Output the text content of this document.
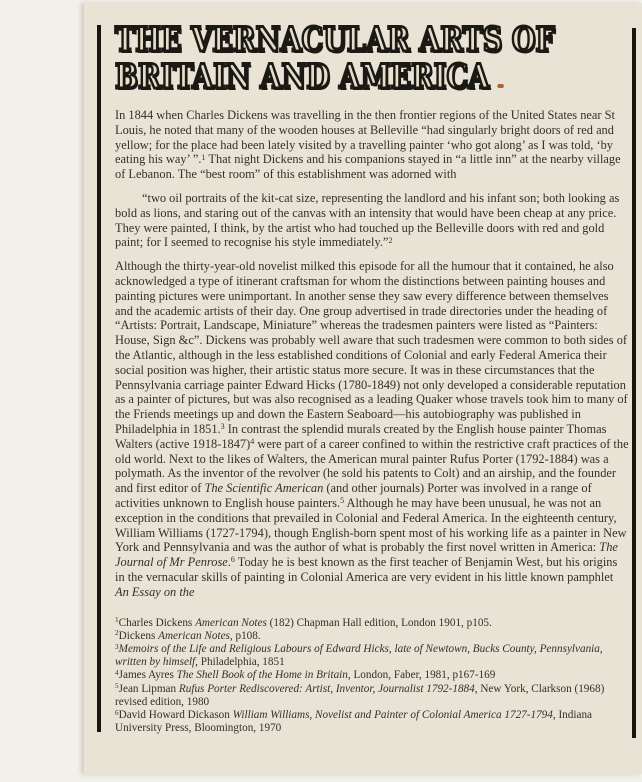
THE VERNACULAR ARTS OF
BRITAIN AND AMERICA

In 1844 when Charles Dickens was travelling in the then frontier regions of the United States near St Louis, he noted that many of the wooden houses at Belleville “had singularly bright doors of red and yellow; for the place had been lately visited by a travelling painter ‘who got along’ as I was told, ‘by eating his way’ ”.$^1$ That night Dickens and his companions stayed in “a little inn” at the nearby village of Lebanon. The “best room” of this establishment was adorned with

“two oil portraits of the kit-cat size, representing the landlord and his infant son; both looking as bold as lions, and staring out of the canvas with an intensity that would have been cheap at any price. They were painted, I think, by the artist who had touched up the Belleville doors with red and gold paint; for I seemed to recognise his style immediately.”$^2$

Although the thirty-year-old novelist milked this episode for all the humour that it contained, he also acknowledged a type of itinerant craftsman for whom the distinctions between painting houses and painting pictures were unimportant. In another sense they saw every difference between themselves and the academic artists of their day. One group advertised in trade directories under the heading of “Artists: Portrait, Landscape, Miniature” whereas the tradesmen painters were listed as “Painters: House, Sign &c”. Dickens was probably well aware that such tradesmen were common to both sides of the Atlantic, although in the less established conditions of Colonial and early Federal America their social position was higher, their artistic status more secure. It was in these circumstances that the Pennsylvania carriage painter Edward Hicks (1780-1849) not only developed a considerable reputation as a painter of pictures, but was also recognised as a leading Quaker whose travels took him to many of the Friends meetings up and down the Eastern Seaboard—his autobiography was published in Philadelphia in 1851.$^3$ In contrast the splendid murals created by the English house painter Thomas Walters (active 1918-1847)$^4$ were part of a career confined to within the restrictive craft practices of the old world. Next to the likes of Walters, the American mural painter Rufus Porter (1792-1884) was a polymath. As the inventor of the revolver (he sold his patents to Colt) and an airship, and the founder and first editor of The Scientific American (and other journals) Porter was involved in a range of activities unknown to English house painters.$^5$ Although he may have been unusual, he was not an exception in the conditions that prevailed in Colonial and Federal America. In the eighteenth century, William Williams (1727-1794), though English-born spent most of his working life as a painter in New York and Pennsylvania and was the author of what is probably the first novel written in America: The Journal of Mr Penrose.$^6$ Today he is best known as the first teacher of Benjamin West, but his origins in the vernacular skills of painting in Colonial America are very evident in his little known pamphlet An Essay on the

$^1$Charles Dickens American Notes (182) Chapman Hall edition, London 1901, p105.

$^2$Dickens American Notes, p108.

$^3$Memoirs of the Life and Religious Labours of Edward Hicks, late of Newtown, Bucks County, Pennsylvania, written by himself, Philadelphia, 1851

$^4$James Ayres The Shell Book of the Home in Britain, London, Faber, 1981, p167-169

$^5$Jean Lipman Rufus Porter Rediscovered: Artist, Inventor, Journalist 1792-1884, New York, Clarkson (1968) revised edition, 1980

$^6$David Howard Dickason William Williams, Novelist and Painter of Colonial America 1727-1794, Indiana University Press, Bloomington, 1970
